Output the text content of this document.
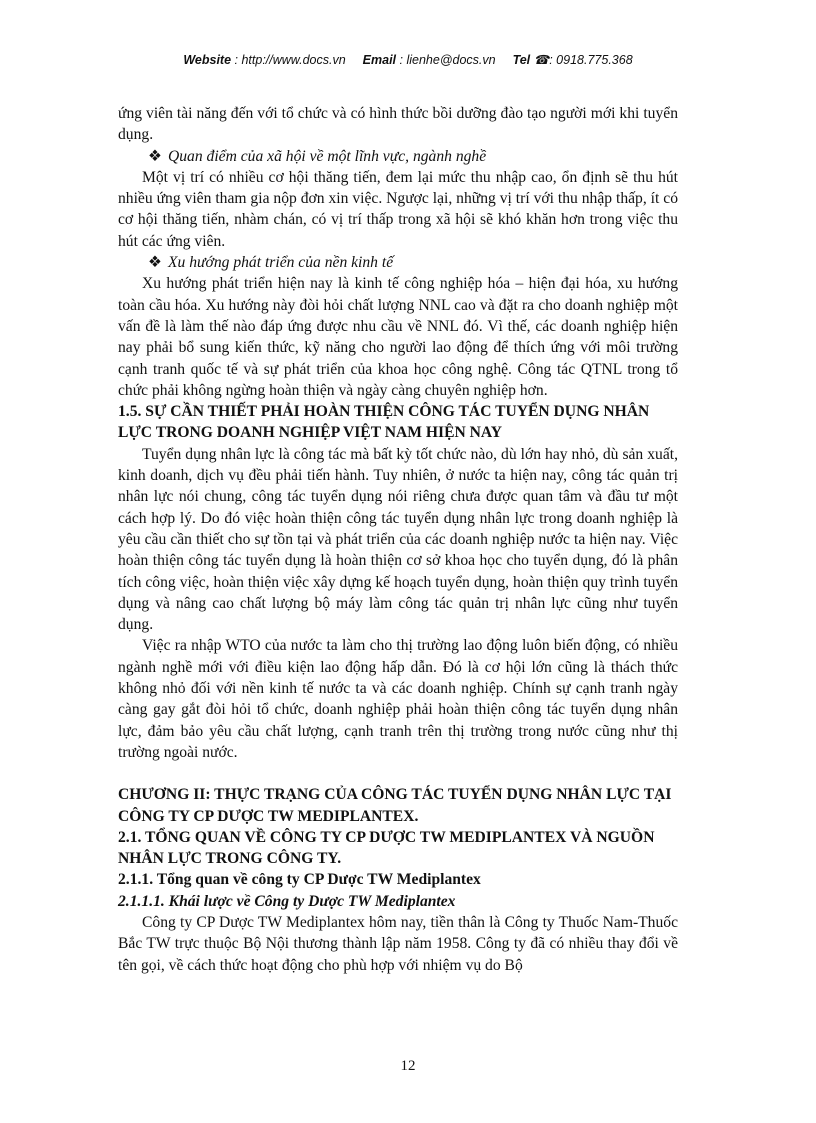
Website : http://www.docs.vn Email : lienhe@docs.vn Tel ☎: 0918.775.368

ứng viên tài năng đến với tổ chức và có hình thức bồi dưỡng đào tạo người mới khi tuyển dụng.

❖ Quan điểm của xã hội về một lĩnh vực, ngành nghề

Một vị trí có nhiều cơ hội thăng tiến, đem lại mức thu nhập cao, ổn định sẽ thu hút nhiều ứng viên tham gia nộp đơn xin việc. Ngược lại, những vị trí với thu nhập thấp, ít có cơ hội thăng tiến, nhàm chán, có vị trí thấp trong xã hội sẽ khó khăn hơn trong việc thu hút các ứng viên.

❖ Xu hướng phát triển của nền kinh tế

Xu hướng phát triển hiện nay là kinh tế công nghiệp hóa – hiện đại hóa, xu hướng toàn cầu hóa. Xu hướng này đòi hỏi chất lượng NNL cao và đặt ra cho doanh nghiệp một vấn đề là làm thế nào đáp ứng được nhu cầu về NNL đó. Vì thế, các doanh nghiệp hiện nay phải bổ sung kiến thức, kỹ năng cho người lao động để thích ứng với môi trường cạnh tranh quốc tế và sự phát triển của khoa học công nghệ. Công tác QTNL trong tổ chức phải không ngừng hoàn thiện và ngày càng chuyên nghiệp hơn.

1.5. SỰ CẦN THIẾT PHẢI HOÀN THIỆN CÔNG TÁC TUYỂN DỤNG NHÂN LỰC TRONG DOANH NGHIỆP VIỆT NAM HIỆN NAY

Tuyển dụng nhân lực là công tác mà bất kỳ tốt chức nào, dù lớn hay nhỏ, dù sản xuất, kinh doanh, dịch vụ đều phải tiến hành. Tuy nhiên, ở nước ta hiện nay, công tác quản trị nhân lực nói chung, công tác tuyển dụng nói riêng chưa được quan tâm và đầu tư một cách hợp lý. Do đó việc hoàn thiện công tác tuyển dụng nhân lực trong doanh nghiệp là yêu cầu cần thiết cho sự tồn tại và phát triển của các doanh nghiệp nước ta hiện nay. Việc hoàn thiện công tác tuyển dụng là hoàn thiện cơ sở khoa học cho tuyển dụng, đó là phân tích công việc, hoàn thiện việc xây dựng kế hoạch tuyển dụng, hoàn thiện quy trình tuyển dụng và nâng cao chất lượng bộ máy làm công tác quản trị nhân lực cũng như tuyển dụng.

Việc ra nhập WTO của nước ta làm cho thị trường lao động luôn biến động, có nhiều ngành nghề mới với điều kiện lao động hấp dẫn. Đó là cơ hội lớn cũng là thách thức không nhỏ đối với nền kinh tế nước ta và các doanh nghiệp. Chính sự cạnh tranh ngày càng gay gắt đòi hỏi tổ chức, doanh nghiệp phải hoàn thiện công tác tuyển dụng nhân lực, đảm bảo yêu cầu chất lượng, cạnh tranh trên thị trường trong nước cũng như thị trường ngoài nước.

CHƯƠNG II: THỰC TRẠNG CỦA CÔNG TÁC TUYỂN DỤNG NHÂN LỰC TẠI CÔNG TY CP DƯỢC TW MEDIPLANTEX.

2.1. TỔNG QUAN VỀ CÔNG TY CP DƯỢC TW MEDIPLANTEX VÀ NGUỒN NHÂN LỰC TRONG CÔNG TY.

2.1.1. Tổng quan về công ty CP Dược TW Mediplantex

2.1.1.1. Khái lược về Công ty Dược TW Mediplantex

Công ty CP Dược TW Mediplantex hôm nay, tiền thân là Công ty Thuốc Nam-Thuốc Bắc TW trực thuộc Bộ Nội thương thành lập năm 1958. Công ty đã có nhiều thay đổi về tên gọi, về cách thức hoạt động cho phù hợp với nhiệm vụ do Bộ

12
